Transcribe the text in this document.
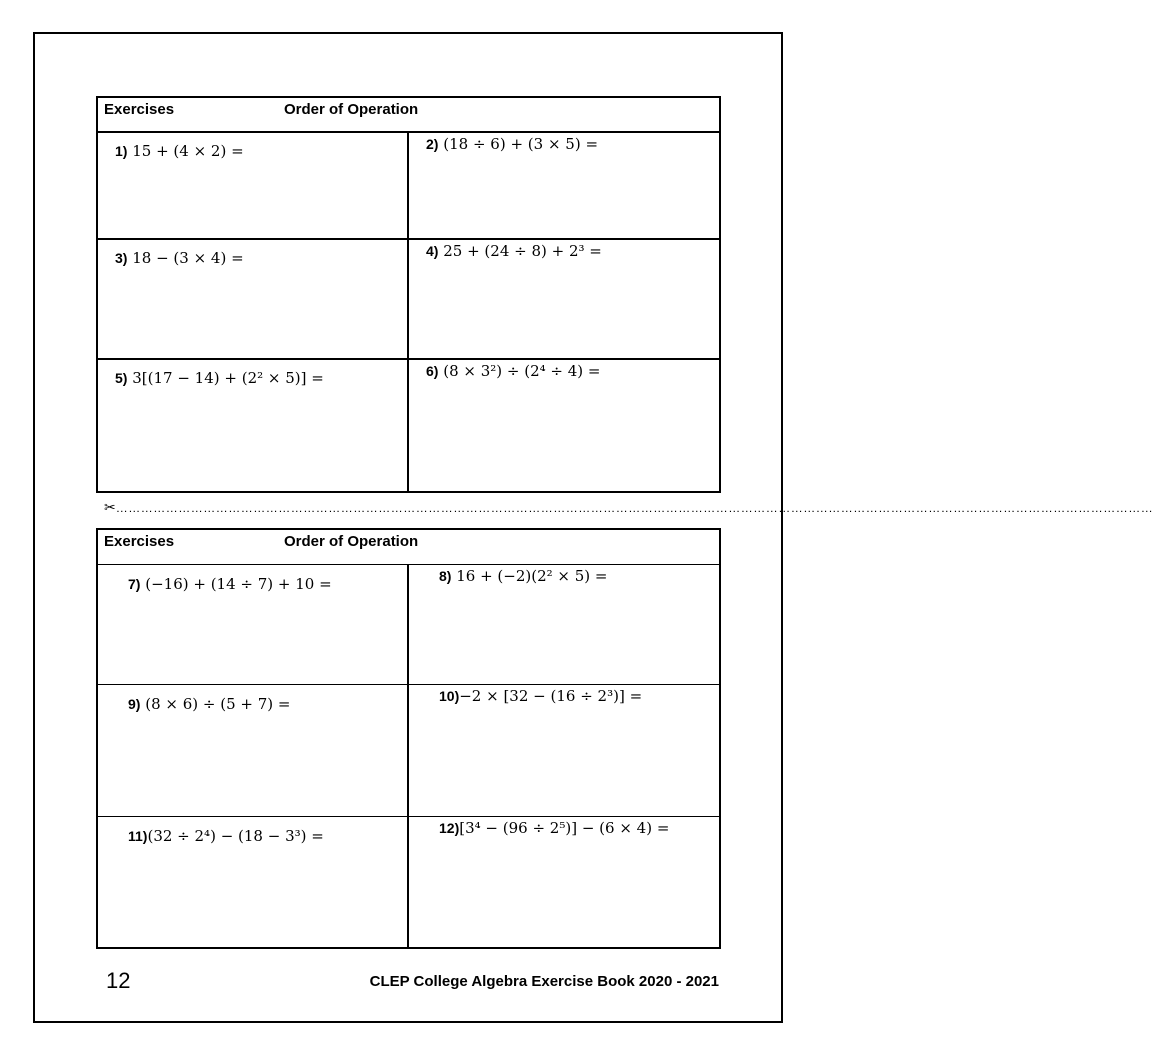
Exercises	Order of Operation
1) 15 + (4 × 2) =	2) (18 ÷ 6) + (3 × 5) =
3) 18 − (3 × 4) =	4) 25 + (24 ÷ 8) + 2³ =
5) 3[(17 − 14) + (2² × 5)] =	6) (8 × 3²) ÷ (2⁴ ÷ 4) =
✂……………………………………………………………………………………………………………………………………………………………………………………………………………………………
Exercises	Order of Operation
7) (−16) + (14 ÷ 7) + 10 =	8) 16 + (−2)(2² × 5) =
9) (8 × 6) ÷ (5 + 7) =	10)−2 × [32 − (16 ÷ 2³)] =
11)(32 ÷ 2⁴) − (18 − 3³) =	12)[3⁴ − (96 ÷ 2⁵)] − (6 × 4) =
12	CLEP College Algebra Exercise Book 2020 - 2021
